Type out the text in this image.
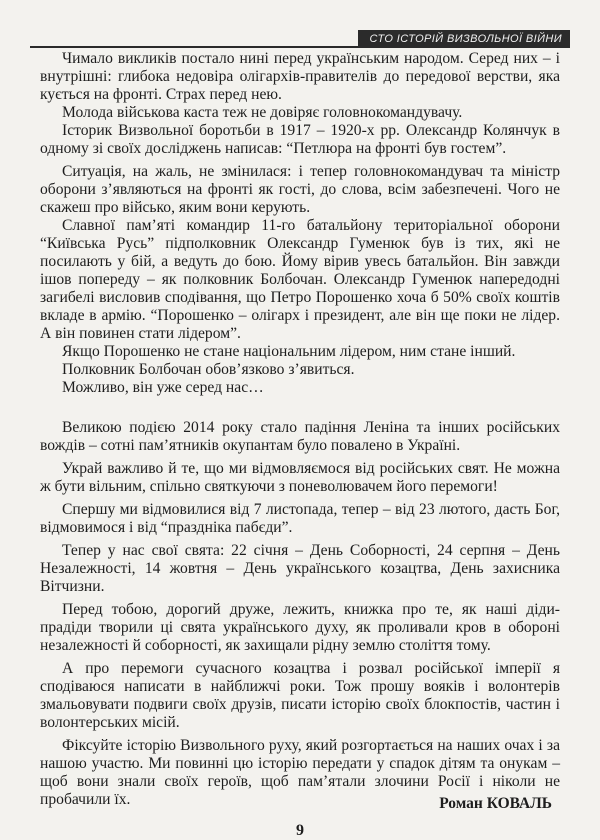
СТО ІСТОРІЙ ВИЗВОЛЬНОЇ ВІЙНИ

Чимало викликів постало нині перед українським народом. Серед них – і внутрішні: глибока недовіра олігархів-правителів до передової верстви, яка кується на фронті. Страх перед нею.

Молода військова каста теж не довіряє головнокомандувачу.

Історик Визвольної боротьби в 1917 – 1920-х рр. Олександр Колянчук в одному зі своїх досліджень написав: “Петлюра на фронті був гостем”.

Ситуація, на жаль, не змінилася: і тепер головнокомандувач та міністр оборони з’являються на фронті як гості, до слова, всім забезпечені. Чого не скажеш про військо, яким вони керують.

Славної пам’яті командир 11-го батальйону територіальної оборони “Київська Русь” підполковник Олександр Гуменюк був із тих, які не посилають у бій, а ведуть до бою. Йому вірив увесь батальйон. Він завжди ішов попереду – як полковник Болбочан. Олександр Гуменюк напередодні загибелі висловив сподівання, що Петро Порошенко хоча б 50% своїх коштів вкладе в армію. “Порошенко – олігарх і президент, але він ще поки не лідер. А він повинен стати лідером”.

Якщо Порошенко не стане національним лідером, ним стане інший.

Полковник Болбочан обов’язково з’явиться.

Можливо, він уже серед нас…

Великою подією 2014 року стало падіння Леніна та інших російських вождів – сотні пам’ятників окупантам було повалено в Україні.

Украй важливо й те, що ми відмовляємося від російських свят. Не можна ж бути вільним, спільно святкуючи з поневолювачем його перемоги!

Спершу ми відмовилися від 7 листопада, тепер – від 23 лютого, дасть Бог, відмовимося і від “празднiка пабєди”.

Тепер у нас свої свята: 22 січня – День Соборності, 24 серпня – День Незалежності, 14 жовтня – День українського козацтва, День захисника Вітчизни.

Перед тобою, дорогий друже, лежить, книжка про те, як наші діди-прадіди творили ці свята українського духу, як проливали кров в обороні незалежності й соборності, як захищали рідну землю століття тому.

А про перемоги сучасного козацтва і розвал російської імперії я сподіваюся написати в найближчі роки. Тож прошу вояків і волонтерів змальовувати подвиги своїх друзів, писати історію своїх блокпостів, частин і волонтерських місій.

Фіксуйте історію Визвольного руху, який розгортається на наших очах і за нашою участю. Ми повинні цю історію передати у спадок дітям та онукам – щоб вони знали своїх героїв, щоб пам’ятали злочини Росії і ніколи не пробачили їх.	Роман КОВАЛЬ
9
